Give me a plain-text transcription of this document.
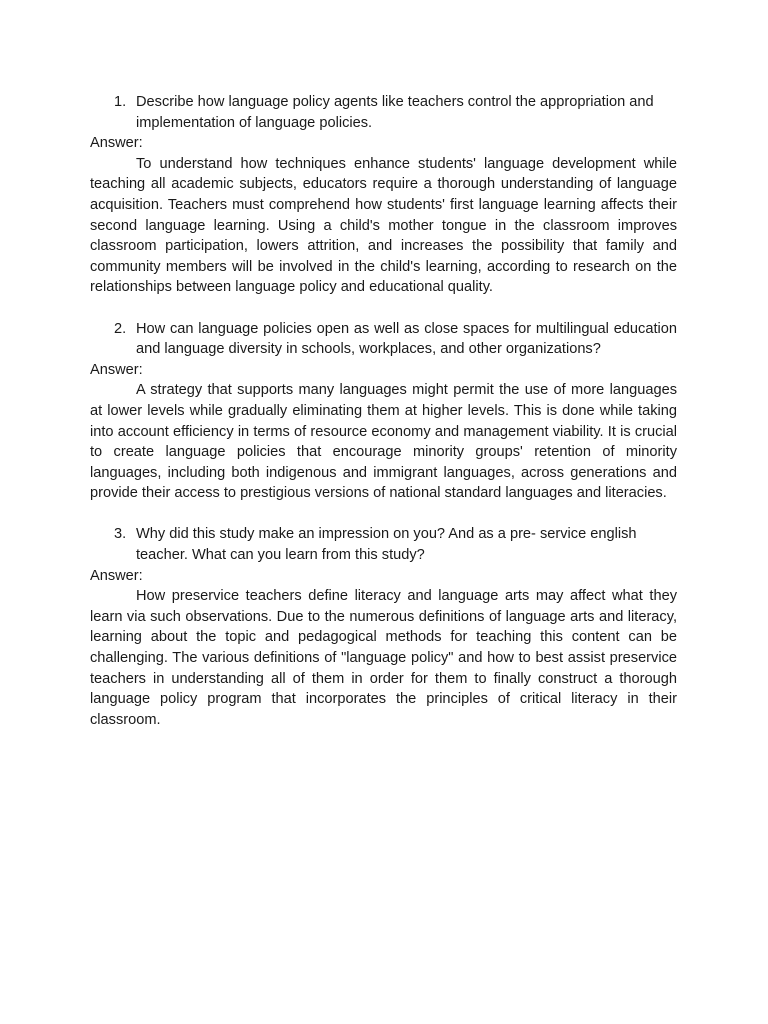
1. Describe how language policy agents like teachers control the appropriation and implementation of language policies.

Answer:

To understand how techniques enhance students' language development while teaching all academic subjects, educators require a thorough understanding of language acquisition. Teachers must comprehend how students' first language learning affects their second language learning. Using a child's mother tongue in the classroom improves classroom participation, lowers attrition, and increases the possibility that family and community members will be involved in the child's learning, according to research on the relationships between language policy and educational quality.

2. How can language policies open as well as close spaces for multilingual education and language diversity in schools, workplaces, and other organizations?

Answer:

A strategy that supports many languages might permit the use of more languages at lower levels while gradually eliminating them at higher levels. This is done while taking into account efficiency in terms of resource economy and management viability. It is crucial to create language policies that encourage minority groups' retention of minority languages, including both indigenous and immigrant languages, across generations and provide their access to prestigious versions of national standard languages and literacies.

3. Why did this study make an impression on you? And as a pre- service english teacher. What can you learn from this study?

Answer:

How preservice teachers define literacy and language arts may affect what they learn via such observations. Due to the numerous definitions of language arts and literacy, learning about the topic and pedagogical methods for teaching this content can be challenging. The various definitions of "language policy" and how to best assist preservice teachers in understanding all of them in order for them to finally construct a thorough language policy program that incorporates the principles of critical literacy in their classroom.
